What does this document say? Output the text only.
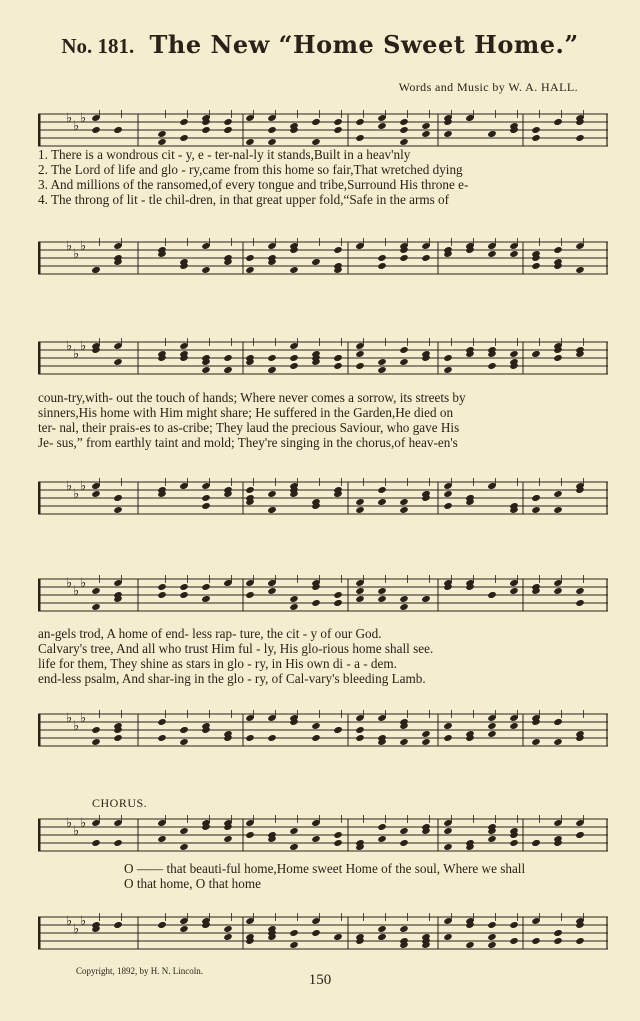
No. 181. The New “Home Sweet Home.”
Words and Music by W. A. HALL.
♭
♭
♭
1. There is a wondrous cit - y, e - ter-nal-ly it stands,Built in a heav'nly
2. The Lord of life and glo - ry,came from this home so fair,That wretched dying
3. And millions of the ransomed,of every tongue and tribe,Surround His throne e-
4. The throng of lit - tle chil-dren, in that great upper fold,“Safe in the arms of
♭
♭
♭
♭
♭
♭
coun-try,with- out the touch of hands; Where never comes a sorrow, its streets by
sinners,His home with Him might share; He suffered in the Garden,He died on
ter- nal, their prais-es to as-cribe; They laud the precious Saviour, who gave His
Je- sus,” from earthly taint and mold; They're singing in the chorus,of heav-en's
♭
♭
♭
♭
♭
♭
an-gels trod, A home of end- less rap- ture, the cit - y of our God.
Calvary's tree, And all who trust Him ful - ly, His glo-rious home shall see.
life for them, They shine as stars in glo - ry, in His own di - a - dem.
end-less psalm, And shar-ing in the glo - ry, of Cal-vary's bleeding Lamb.
♭
♭
♭
CHORUS.
♭
♭
♭
O —— that beauti-ful home,Home sweet Home of the soul, Where we shall
O that home, O that home
♭
♭
♭
Copyright, 1892, by H. N. Lincoln.
150
